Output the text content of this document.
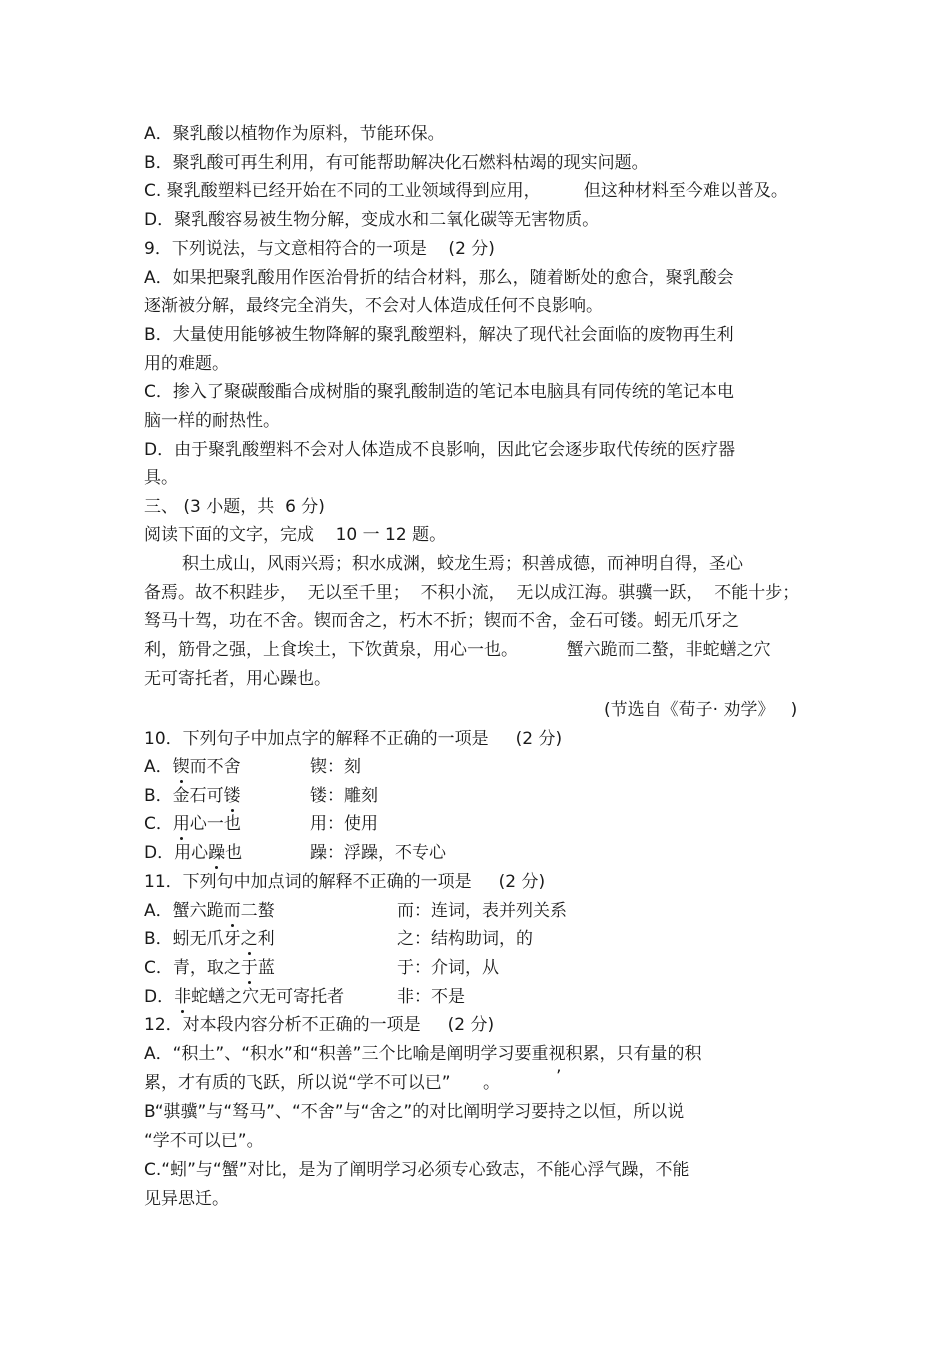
A．聚乳酸以植物作为原料，节能环保。
B．聚乳酸可再生利用，有可能帮助解决化石燃料枯竭的现实问题。
C. 聚乳酸塑料已经开始在不同的工业领域得到应用，        但这种材料至今难以普及。
D．聚乳酸容易被生物分解，变成水和二氧化碳等无害物质。
9．下列说法，与文意相符合的一项是    (2 分)
A．如果把聚乳酸用作医治骨折的结合材料，那么，随着断处的愈合，聚乳酸会
逐渐被分解，最终完全消失，不会对人体造成任何不良影响。
B．大量使用能够被生物降解的聚乳酸塑料，解决了现代社会面临的废物再生利
用的难题。
C．掺入了聚碳酸酯合成树脂的聚乳酸制造的笔记本电脑具有同传统的笔记本电
脑一样的耐热性。
D．由于聚乳酸塑料不会对人体造成不良影响，因此它会逐步取代传统的医疗器
具。
三、 (3 小题，共  6 分)
阅读下面的文字，完成    10 一 12 题。
积土成山，风雨兴焉；积水成渊，蛟龙生焉；积善成德，而神明自得，圣心
备焉。故不积跬步，  无以至千里；  不积小流，  无以成江海。骐骥一跃，  不能十步；
驽马十驾，功在不舍。锲而舍之，朽木不折；锲而不舍，金石可镂。蚓无爪牙之
利，筋骨之强，上食埃土，下饮黄泉，用心一也。         蟹六跪而二螯，非蛇蟮之穴
无可寄托者，用心躁也。
(节选自《荀子· 劝学》   )
10．下列句子中加点字的解释不正确的一项是     (2 分)
A．锲而不舍	锲：刻
B．金石可镂	镂：雕刻
C．用心一也	用：使用
D．用心躁也	躁：浮躁，不专心
11．下列句中加点词的解释不正确的一项是     (2 分)
A．蟹六跪而二螯	而：连词，表并列关系
B．蚓无爪牙之利	之：结构助词，的
C．青，取之于蓝	于：介词，从
D．非蛇蟮之穴无可寄托者	非：不是
12．对本段内容分析不正确的一项是     (2 分)
A．“积土”、“积水”和“积善”三个比喻是阐明学习要重视积累，只有量的积
累，才有质的飞跃，所以说“学不可以已”      。	’
B“骐骥”与“驽马”、“不舍”与“舍之”的对比阐明学习要持之以恒，所以说
“学不可以已”。
C.“蚓”与“蟹”对比，是为了阐明学习必须专心致志，不能心浮气躁，不能
见异思迁。
